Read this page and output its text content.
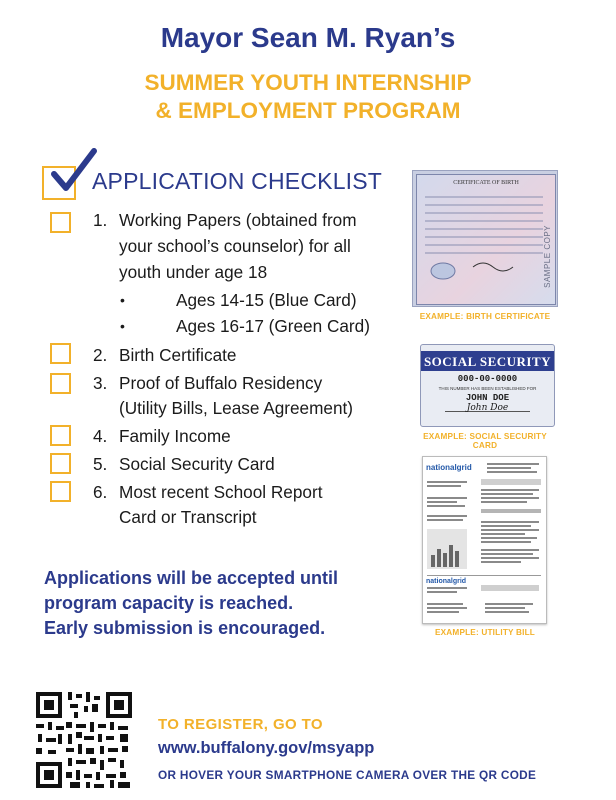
Mayor Sean M. Ryan’s
SUMMER YOUTH INTERNSHIP
& EMPLOYMENT PROGRAM
APPLICATION CHECKLIST
1. Working Papers (obtained from
your school’s counselor) for all
youth under age 18
•	Ages 14-15 (Blue Card)
•	Ages 16-17 (Green Card)
2. Birth Certificate
3. Proof of Buffalo Residency
(Utility Bills, Lease Agreement)
4. Family Income
5. Social Security Card
6. Most recent School Report
Card or Transcript
Applications will be accepted until
program capacity is reached.
Early submission is encouraged.
TO REGISTER, GO TO
www.buffalony.gov/msyapp
OR HOVER YOUR SMARTPHONE CAMERA OVER THE QR CODE
CERTIFICATE OF BIRTH
SAMPLE COPY
EXAMPLE: BIRTH CERTIFICATE
SOCIAL SECURITY
000-00-0000
THIS NUMBER HAS BEEN ESTABLISHED FOR
JOHN DOE
John Doe
EXAMPLE: SOCIAL SECURITY CARD
nationalgrid
nationalgrid
EXAMPLE: UTILITY BILL
